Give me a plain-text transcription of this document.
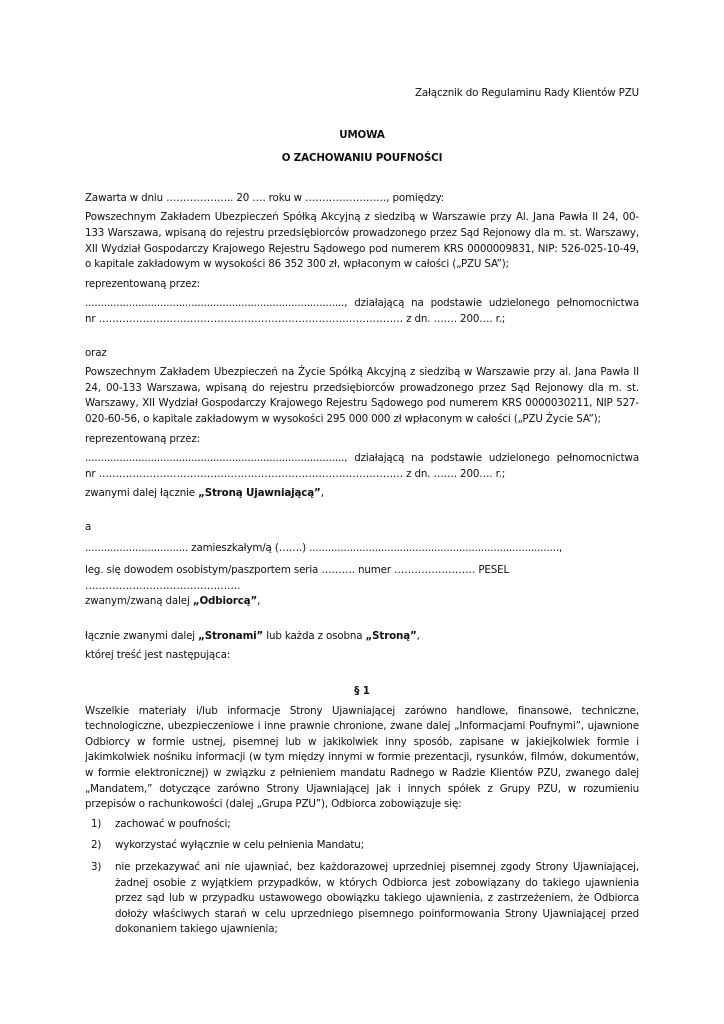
Załącznik do Regulaminu Rady Klientów PZU

UMOWA

O ZACHOWANIU POUFNOŚCI

Zawarta w dniu ……………….. 20 …. roku w ……………………, pomiędzy:

Powszechnym Zakładem Ubezpieczeń Spółką Akcyjną z siedzibą w Warszawie przy Al. Jana Pawła II 24, 00-133 Warszawa, wpisaną do rejestru przedsiębiorców prowadzonego przez Sąd Rejonowy dla m. st. Warszawy, XII Wydział Gospodarczy Krajowego Rejestru Sądowego pod numerem KRS 0000009831, NIP: 526-025-10-49, o kapitale zakładowym w wysokości 86 352 300 zł, wpłaconym w całości („PZU SA”);

reprezentowaną przez:

..................................................................................., działającą na podstawie udzielonego pełnomocnictwa

nr ……………………………………………………………………………… z dn. ……. 200…. r.;

oraz

Powszechnym Zakładem Ubezpieczeń na Życie Spółką Akcyjną z siedzibą w Warszawie przy al. Jana Pawła II 24, 00-133 Warszawa, wpisaną do rejestru przedsiębiorców prowadzonego przez Sąd Rejonowy dla m. st. Warszawy, XII Wydział Gospodarczy Krajowego Rejestru Sądowego pod numerem KRS 0000030211, NIP 527-020-60-56, o kapitale zakładowym w wysokości 295 000 000 zł wpłaconym w całości („PZU Życie SA”);

reprezentowaną przez:

..................................................................................., działającą na podstawie udzielonego pełnomocnictwa

nr ……………………………………………………………………………… z dn. ……. 200…. r.;

zwanymi dalej łącznie „Stroną Ujawniającą”,

a

................................. zamieszkałym/ą (…….) ................................................................................,

leg. się dowodem osobistym/paszportem seria ………. numer …………………… PESEL ……………………………………….

zwanym/zwaną dalej „Odbiorcą”,

łącznie zwanymi dalej „Stronami” lub każda z osobna „Stroną”,

której treść jest następująca:

§ 1

Wszelkie materiały i/lub informacje Strony Ujawniającej zarówno handlowe, finansowe, techniczne, technologiczne, ubezpieczeniowe i inne prawnie chronione, zwane dalej „Informacjami Poufnymi”, ujawnione Odbiorcy w formie ustnej, pisemnej lub w jakikolwiek inny sposób, zapisane w jakiejkolwiek formie i jakimkolwiek nośniku informacji (w tym między innymi w formie prezentacji, rysunków, filmów, dokumentów, w formie elektronicznej) w związku z pełnieniem mandatu Radnego w Radzie Klientów PZU, zwanego dalej „Mandatem,” dotyczące zarówno Strony Ujawniającej jak i innych spółek z Grupy PZU, w rozumieniu przepisów o rachunkowości (dalej „Grupa PZU”), Odbiorca zobowiązuje się:

1) zachować w poufności;
2) wykorzystać wyłącznie w celu pełnienia Mandatu;
3) nie przekazywać ani nie ujawniać, bez każdorazowej uprzedniej pisemnej zgody Strony Ujawniającej, żadnej osobie z wyjątkiem przypadków, w których Odbiorca jest zobowiązany do takiego ujawnienia przez sąd lub w przypadku ustawowego obowiązku takiego ujawnienia, z zastrzeżeniem, że Odbiorca dołoży właściwych starań w celu uprzedniego pisemnego poinformowania Strony Ujawniającej przed dokonaniem takiego ujawnienia;
